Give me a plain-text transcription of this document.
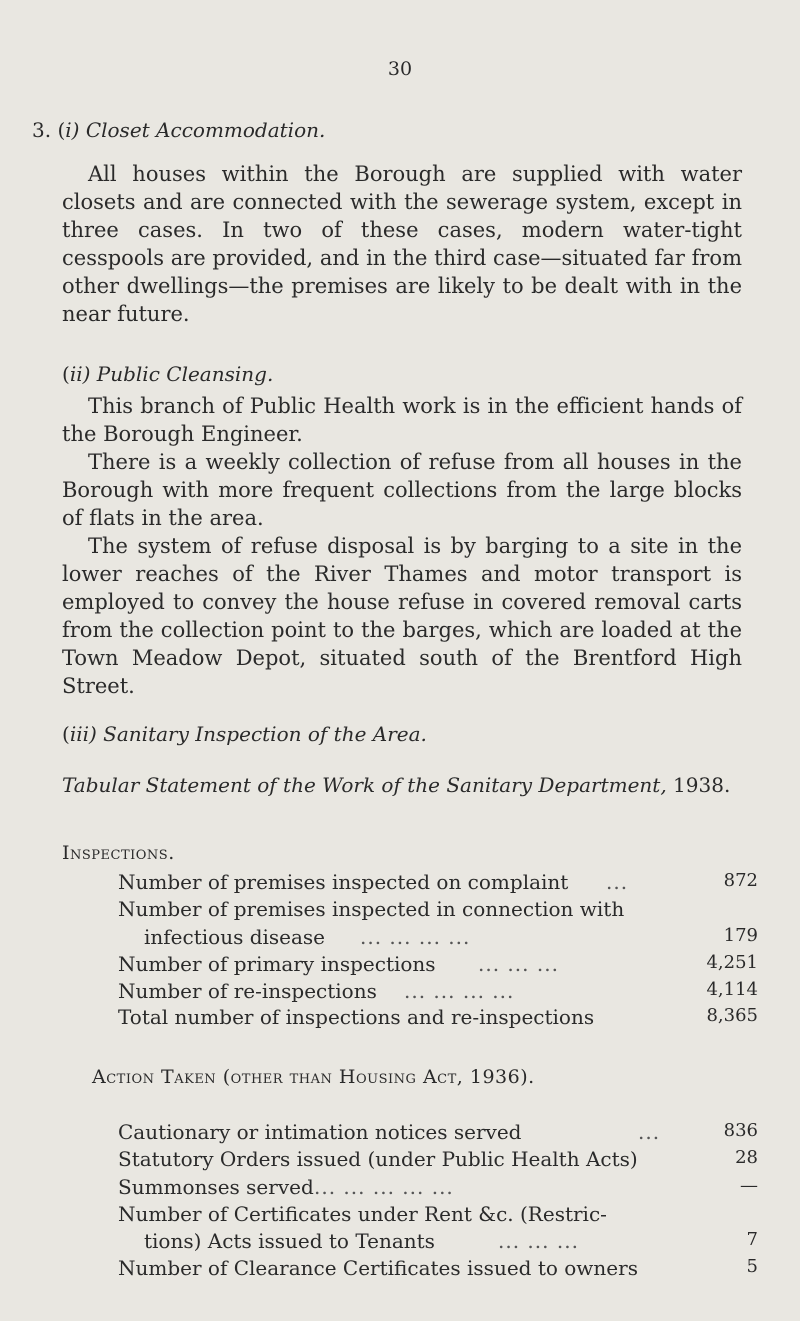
30
3. (i) Closet Accommodation.

All houses within the Borough are supplied with water closets and are connected with the sewerage system, except in three cases. In two of these cases, modern water-tight cesspools are provided, and in the third case—situated far from other dwellings—the premises are likely to be dealt with in the near future.

(ii) Public Cleansing.

This branch of Public Health work is in the efficient hands of the Borough Engineer.

There is a weekly collection of refuse from all houses in the Borough with more frequent collections from the large blocks of flats in the area.

The system of refuse disposal is by barging to a site in the lower reaches of the River Thames and motor transport is employed to convey the house refuse in covered removal carts from the collection point to the barges, which are loaded at the Town Meadow Depot, situated south of the Brentford High Street.

(iii) Sanitary Inspection of the Area.
Tabular Statement of the Work of the Sanitary Department, 1938.
Inspections.
Number of premises inspected on complaint ...	872
Number of premises inspected in connection with
infectious disease ... ... ... ...	179
Number of primary inspections ... ... ...	4,251
Number of re-inspections ... ... ... ...	4,114
Total number of inspections and re-inspections	8,365
Action Taken (other than Housing Act, 1936).
Cautionary or intimation notices served	...	836
Statutory Orders issued (under Public Health Acts)	28
Summonses served ... ... ... ... ...	—
Number of Certificates under Rent &c. (Restric-
tions) Acts issued to Tenants	... ... ...	7
Number of Clearance Certificates issued to owners	5
